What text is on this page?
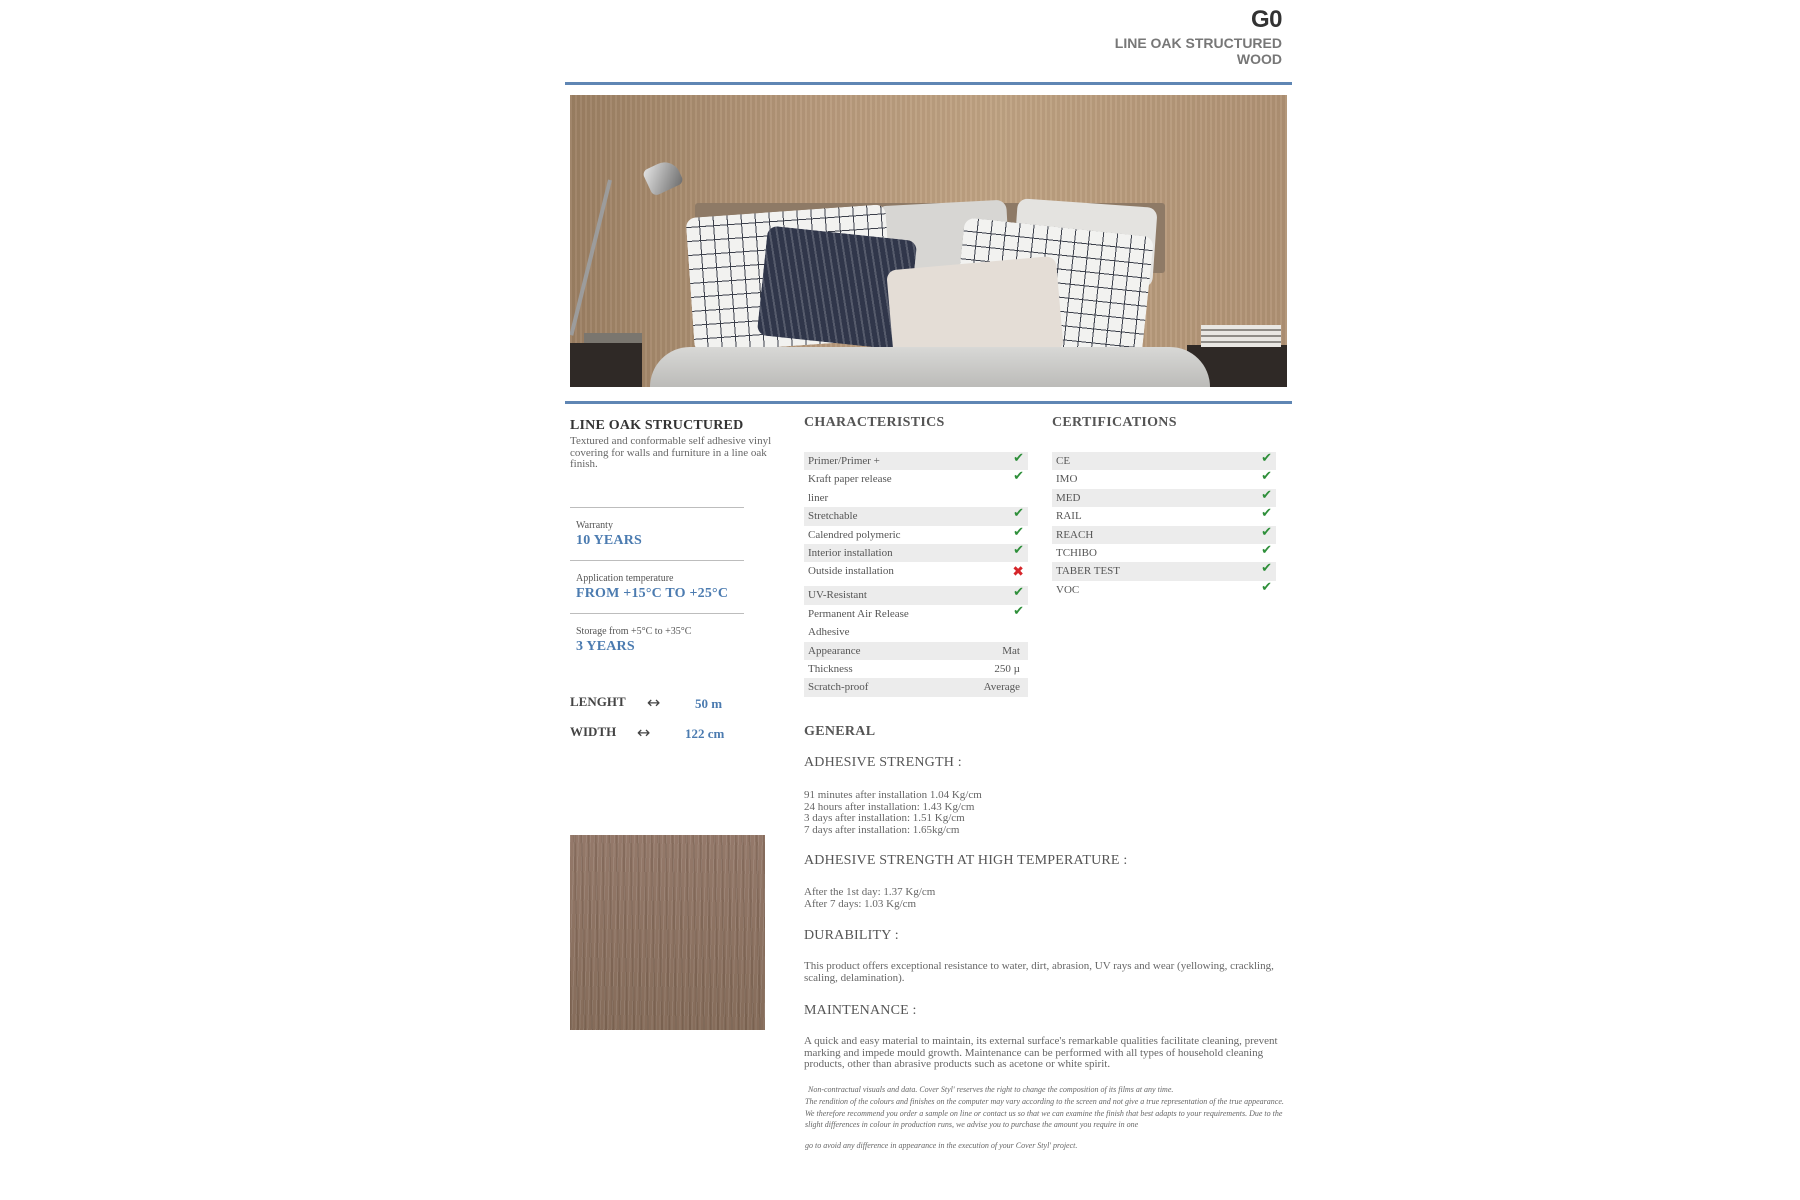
G0
LINE OAK STRUCTURED WOOD
LINE OAK STRUCTURED
Textured and conformable self adhesive vinyl covering for walls and furniture in a line oak finish.
Warranty
10 YEARS
Application temperature
FROM +15°C TO +25°C
Storage from +5°C to +35°C
3 YEARS
LENGHT ↔	50 m
WIDTH ↔	122 cm
CHARACTERISTICS
Primer/Primer +	✔
Kraft paper release	✔
liner
Stretchable	✔
Calendred polymeric	✔
Interior installation	✔
Outside installation	✖
UV-Resistant	✔
Permanent Air Release	✔
Adhesive
Appearance	Mat
Thickness	250 µ
Scratch-proof	Average
CERTIFICATIONS
CE	✔
IMO	✔
MED	✔
RAIL	✔
REACH	✔
TCHIBO	✔
TABER TEST	✔
VOC	✔
GENERAL
ADHESIVE STRENGTH :
91 minutes after installation 1.04 Kg/cm
24 hours after installation: 1.43 Kg/cm
3 days after installation: 1.51 Kg/cm
7 days after installation: 1.65kg/cm
ADHESIVE STRENGTH AT HIGH TEMPERATURE :
After the 1st day: 1.37 Kg/cm
After 7 days: 1.03 Kg/cm
DURABILITY :
This product offers exceptional resistance to water, dirt, abrasion, UV rays and wear (yellowing, crackling, scaling, delamination).
MAINTENANCE :
A quick and easy material to maintain, its external surface's remarkable qualities facilitate cleaning, prevent marking and impede mould growth. Maintenance can be performed with all types of household cleaning products, other than abrasive products such as acetone or white spirit.
Non-contractual visuals and data. Cover Styl' reserves the right to change the composition of its films at any time.
The rendition of the colours and finishes on the computer may vary according to the screen and not give a true representation of the true appearance. We therefore recommend you order a sample on line or contact us so that we can examine the finish that best adapts to your requirements. Due to the slight differences in colour in production runs, we advise you to purchase the amount you require in one
go to avoid any difference in appearance in the execution of your Cover Styl' project.
